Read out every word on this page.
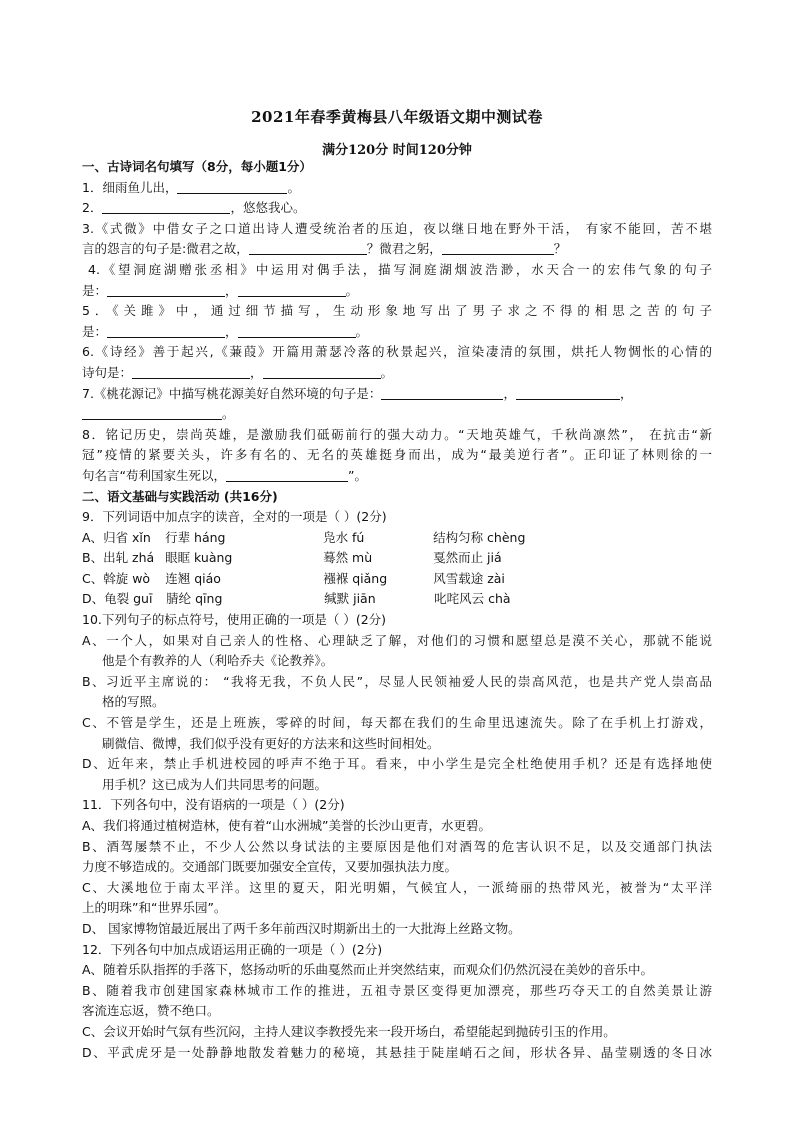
2021年春季黄梅县八年级语文期中测试卷
满分120分 时间120分钟
一、古诗词名句填写（8分，每小题1分）
1．细雨鱼儿出，	。
2．	，悠悠我心。
3.《式微》中借女子之口道出诗人遭受统治者的压迫，夜以继日地在野外干活， 有家不能回，苦不堪
言的怨言的句子是:微君之故，	？微君之躬，	？
4.《望洞庭湖赠张丞相》中运用对偶手法，描写洞庭湖烟波浩渺，水天合一的宏伟气象的句子
是：	，	。
5．《关雎》中，通过细节描写，生动形象地写出了男子求之不得的相思之苦的句子
是：	，	。
6.《诗经》善于起兴,《蒹葭》开篇用萧瑟冷落的秋景起兴，渲染凄清的氛围，烘托人物惆怅的心情的
诗句是：	，	。
7.《桃花源记》中描写桃花源美好自然环境的句子是：	，	，
。
8．铭记历史，崇尚英雄，是激励我们砥砺前行的强大动力。“天地英雄气，千秋尚凛然”， 在抗击“新
冠”疫情的紧要关头，许多有名的、无名的英雄挺身而出，成为“最美逆行者”。正印证了林则徐的一
句名言“苟利国家生死以，	”。
二、语文基础与实践活动 (共16分)
9．下列词语中加点字的读音，全对的一项是（ ）(2分)
A、归省 xǐn 行辈 háng	凫水 fú	结构匀称 chèng
B、出轧 zhá 眼眶 kuàng	蓦然 mù	戛然而止 jiá
C、斡旋 wò 连翘 qiáo	襁褓 qiǎng	风雪载途 zài
D、龟裂 guī 腈纶 qīng	缄默 jiān	叱咤风云 chà
10.下列句子的标点符号，使用正确的一项是（ ）(2分)
A、一个人，如果对自己亲人的性格、心理缺乏了解，对他们的习惯和愿望总是漠不关心，那就不能说
他是个有教养的人（利哈乔夫《论教养》。
B、习近平主席说的： “我将无我，不负人民”，尽显人民领袖爱人民的崇高风范，也是共产党人崇高品
格的写照。
C、不管是学生，还是上班族，零碎的时间，每天都在我们的生命里迅速流失。除了在手机上打游戏，
刷微信、微博，我们似乎没有更好的方法来和这些时间相处。
D、近年来，禁止手机进校园的呼声不绝于耳。看来，中小学生是完全杜绝使用手机？还是有选择地使
用手机？这已成为人们共同思考的问题。
11．下列各句中，没有语病的一项是（ ）(2分)
A、我们将通过植树造林，使有着“山水洲城”美誉的长沙山更青，水更碧。
B、酒驾屡禁不止，不少人公然以身试法的主要原因是他们对酒驾的危害认识不足，以及交通部门执法
力度不够造成的。交通部门既要加强安全宣传，又要加强执法力度。
C、大溪地位于南太平洋。这里的夏天，阳光明媚，气候宜人，一派绮丽的热带风光，被誉为“太平洋
上的明珠”和“世界乐园”。
D、 国家博物馆最近展出了两千多年前西汉时期新出土的一大批海上丝路文物。
12．下列各句中加点成语运用正确的一项是（ ）(2分)
A、随着乐队指挥的手落下，悠扬动听的乐曲戛然而止并突然结束，而观众们仍然沉浸在美妙的音乐中。
B、随着我市创建国家森林城市工作的推进，五祖寺景区变得更加漂亮，那些巧夺天工的自然美景让游
客流连忘返，赞不绝口。
C、会议开始时气氛有些沉闷，主持人建议李教授先来一段开场白，希望能起到抛砖引玉的作用。
D、平武虎牙是一处静静地散发着魅力的秘境，其悬挂于陡崖峭石之间，形状各异、晶莹剔透的冬日冰
